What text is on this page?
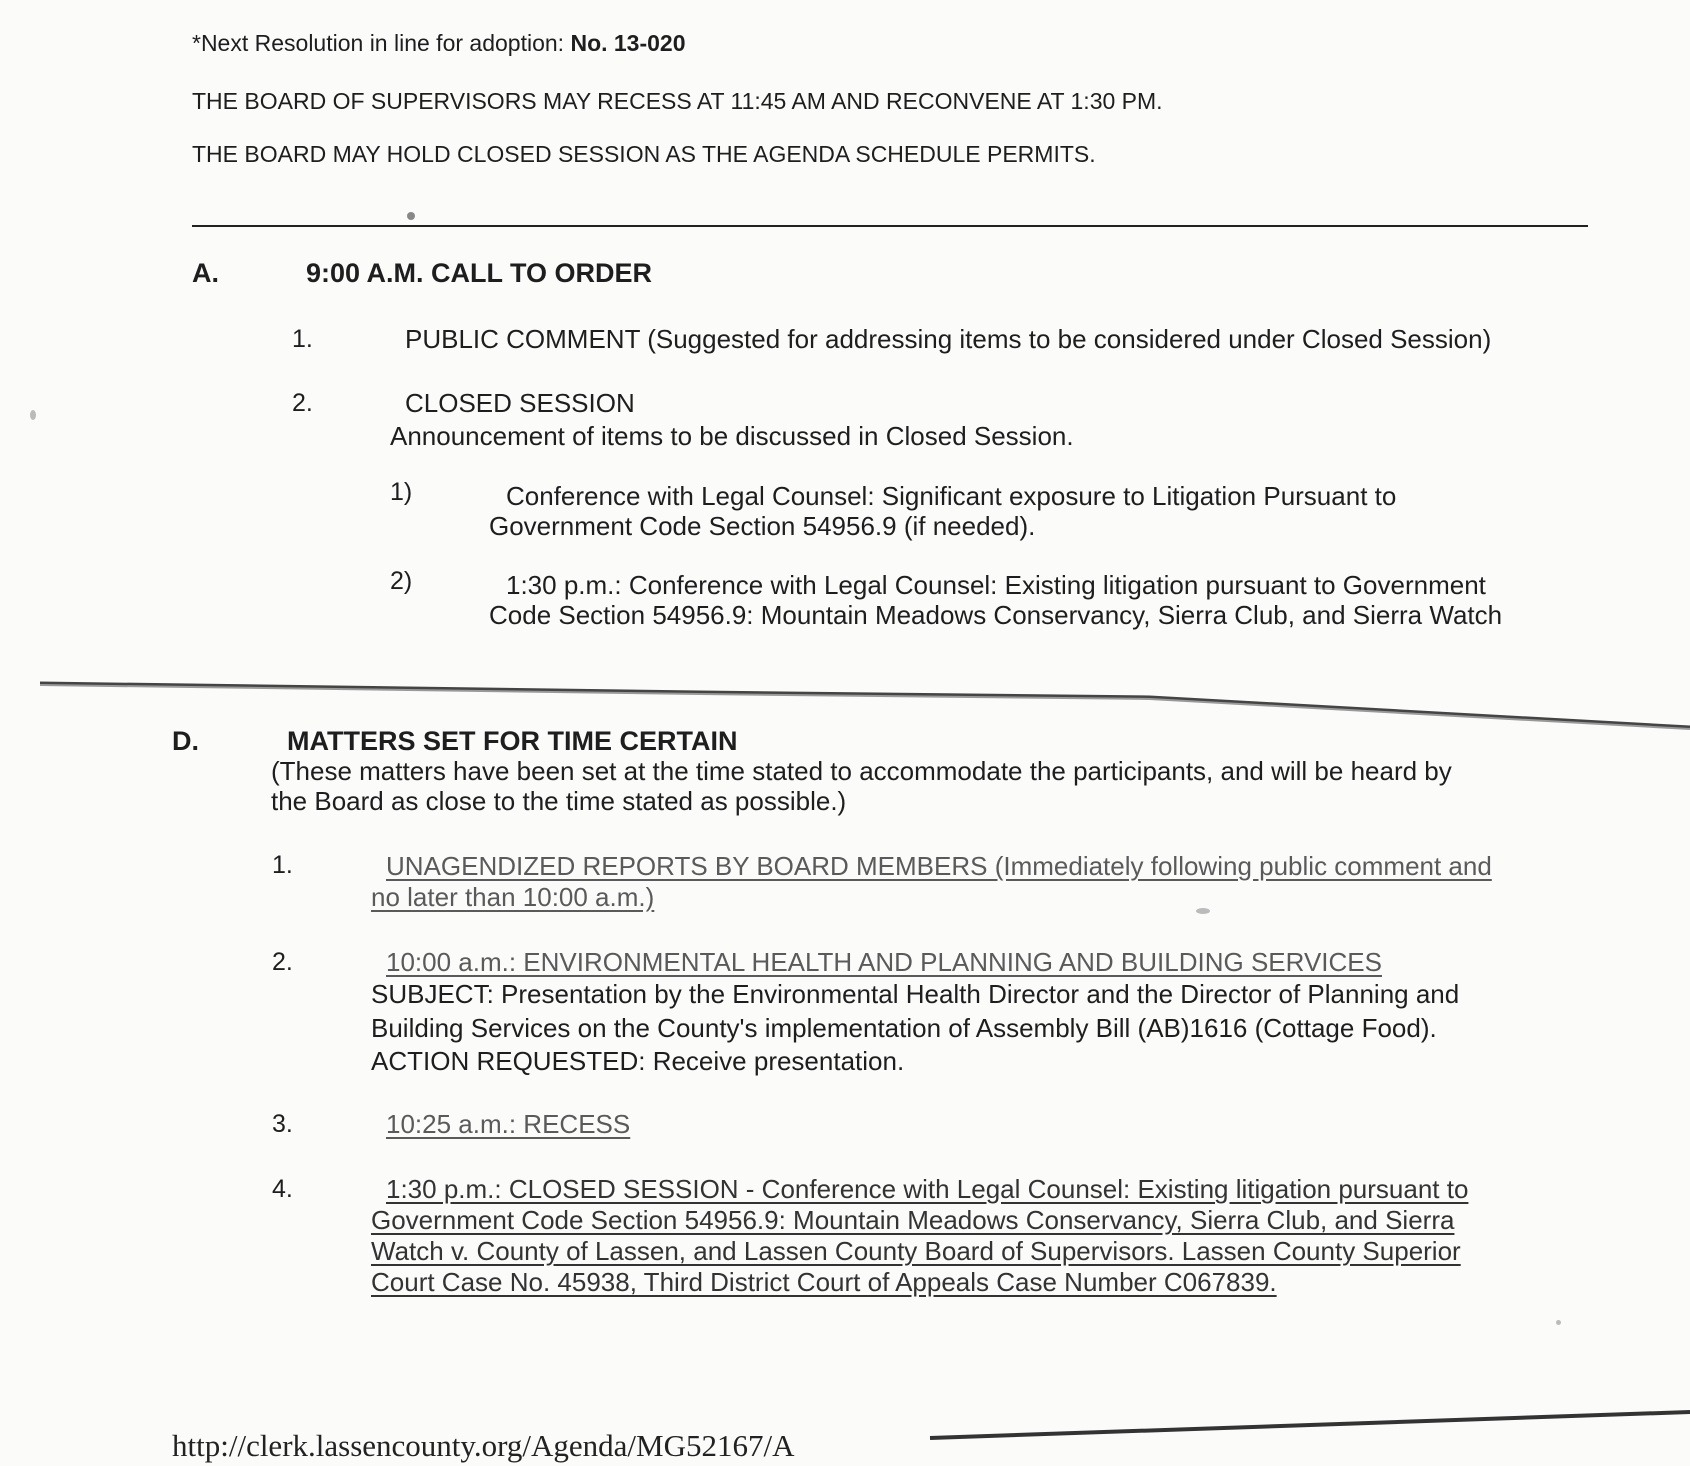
*Next Resolution in line for adoption: No. 13-020
THE BOARD OF SUPERVISORS MAY RECESS AT 11:45 AM AND RECONVENE AT 1:30 PM.
THE BOARD MAY HOLD CLOSED SESSION AS THE AGENDA SCHEDULE PERMITS.
A.	9:00 A.M. CALL TO ORDER
1.	PUBLIC COMMENT (Suggested for addressing items to be considered under Closed Session)
2.	CLOSED SESSION
Announcement of items to be discussed in Closed Session.
1)	Conference with Legal Counsel: Significant exposure to Litigation Pursuant to
Government Code Section 54956.9 (if needed).
2)	1:30 p.m.: Conference with Legal Counsel: Existing litigation pursuant to Government
Code Section 54956.9: Mountain Meadows Conservancy, Sierra Club, and Sierra Watch
D.	MATTERS SET FOR TIME CERTAIN
(These matters have been set at the time stated to accommodate the participants, and will be heard by
the Board as close to the time stated as possible.)
1.	UNAGENDIZED REPORTS BY BOARD MEMBERS (Immediately following public comment and
no later than 10:00 a.m.)
2.	10:00 a.m.: ENVIRONMENTAL HEALTH AND PLANNING AND BUILDING SERVICES
SUBJECT: Presentation by the Environmental Health Director and the Director of Planning and
Building Services on the County's implementation of Assembly Bill (AB)1616 (Cottage Food).
ACTION REQUESTED: Receive presentation.
3.	10:25 a.m.: RECESS
4.	1:30 p.m.: CLOSED SESSION - Conference with Legal Counsel: Existing litigation pursuant to
Government Code Section 54956.9: Mountain Meadows Conservancy, Sierra Club, and Sierra
Watch v. County of Lassen, and Lassen County Board of Supervisors. Lassen County Superior
Court Case No. 45938, Third District Court of Appeals Case Number C067839.
http://clerk.lassencounty.org/Agenda/MG52167/A
